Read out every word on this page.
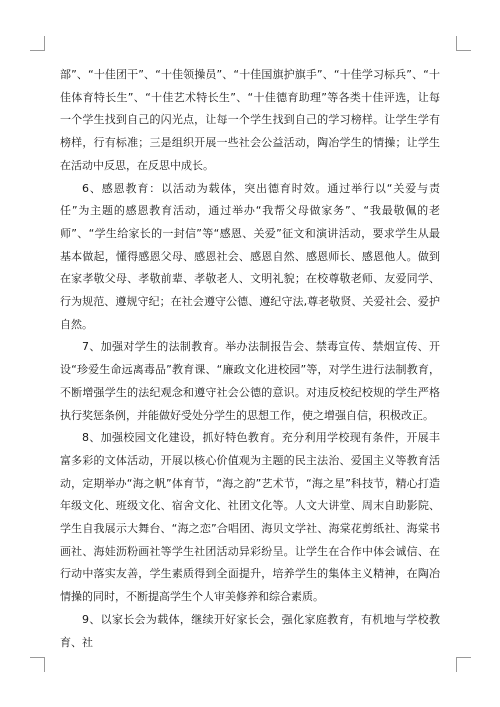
部”、“十佳团干”、“十佳领操员”、“十佳国旗护旗手”、“十佳学习标兵”、“十佳体育特长生”、“十佳艺术特长生”、“十佳德育助理”等各类十佳评选，让每一个学生找到自己的闪光点，让每一个学生找到自己的学习榜样。让学生学有榜样，行有标准；三是组织开展一些社会公益活动，陶冶学生的情操；让学生在活动中反思，在反思中成长。

6、感恩教育：以活动为载体，突出德育时效。通过举行以“关爱与责任”为主题的感恩教育活动，通过举办“我帮父母做家务”、“我最敬佩的老师”、“学生给家长的一封信”等“感恩、关爱”征文和演讲活动，要求学生从最基本做起，懂得感恩父母、感恩社会、感恩自然、感恩师长、感恩他人。做到在家孝敬父母、孝敬前辈、孝敬老人、文明礼貌；在校尊敬老师、友爱同学、行为规范、遵规守纪；在社会遵守公德、遵纪守法,尊老敬贤、关爱社会、爱护自然。

7、加强对学生的法制教育。举办法制报告会、禁毒宣传、禁烟宣传、开设“珍爱生命远离毒品”教育课、“廉政文化进校园”等，对学生进行法制教育，不断增强学生的法纪观念和遵守社会公德的意识。对违反校纪校规的学生严格执行奖惩条例，并能做好受处分学生的思想工作，使之增强自信，积极改正。

8、加强校园文化建设，抓好特色教育。充分利用学校现有条件，开展丰富多彩的文体活动，开展以核心价值观为主题的民主法治、爱国主义等教育活动，定期举办“海之帆”体育节，“海之韵”艺术节，“海之星”科技节，精心打造年级文化、班级文化、宿舍文化、社团文化等。人文大讲堂、周末自助影院、学生自我展示大舞台、“海之恋”合唱团、海贝文学社、海棠花剪纸社、海棠书画社、海娃沥粉画社等学生社团活动异彩纷呈。让学生在合作中体会诚信、在行动中落实友善，学生素质得到全面提升，培养学生的集体主义精神，在陶冶情操的同时，不断提高学生个人审美修养和综合素质。

9、以家长会为载体，继续开好家长会，强化家庭教育，有机地与学校教育、社
